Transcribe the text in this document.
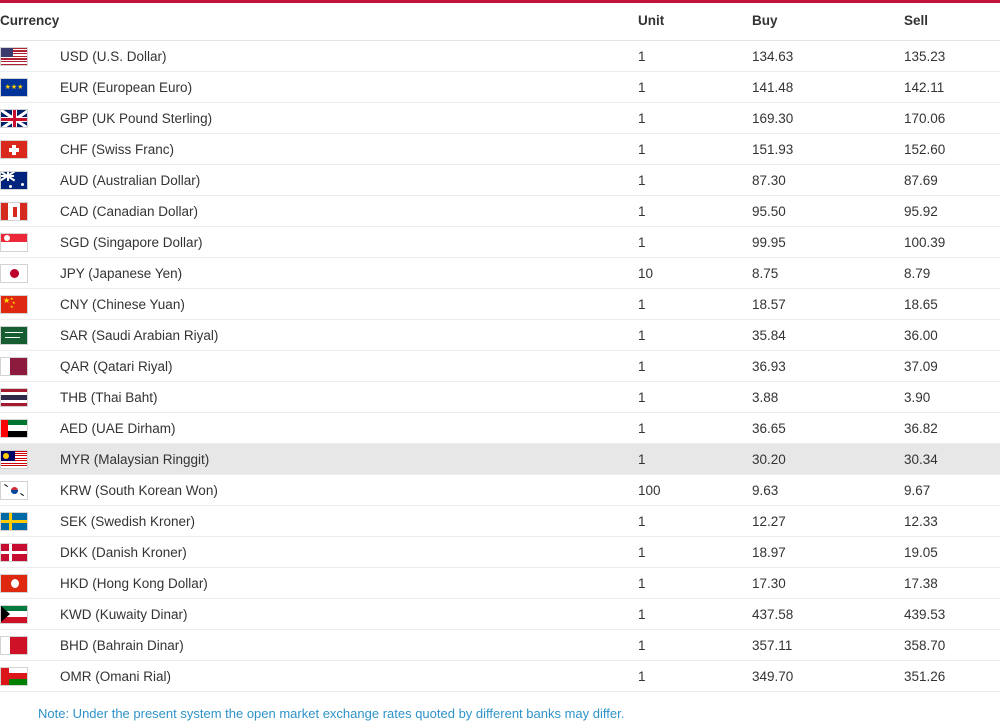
Currency		Unit	Buy	Sell

	USD (U.S. Dollar)	1	134.63	135.23

★★★	EUR (European Euro)	1	141.48	142.11

	GBP (UK Pound Sterling)	1	169.30	170.06

	CHF (Swiss Franc)	1	151.93	152.60

	AUD (Australian Dollar)	1	87.30	87.69

	CAD (Canadian Dollar)	1	95.50	95.92

	SGD (Singapore Dollar)	1	99.95	100.39

	JPY (Japanese Yen)	10	8.75	8.79

★ ★
★
★	CNY (Chinese Yuan)	1	18.57	18.65

	SAR (Saudi Arabian Riyal)	1	35.84	36.00

	QAR (Qatari Riyal)	1	36.93	37.09

	THB (Thai Baht)	1	3.88	3.90

	AED (UAE Dirham)	1	36.65	36.82

	MYR (Malaysian Ringgit)	1	30.20	30.34

	KRW (South Korean Won)	100	9.63	9.67

	SEK (Swedish Kroner)	1	12.27	12.33

	DKK (Danish Kroner)	1	18.97	19.05

	HKD (Hong Kong Dollar)	1	17.30	17.38

	KWD (Kuwaity Dinar)	1	437.58	439.53

	BHD (Bahrain Dinar)	1	357.11	358.70

	OMR (Omani Rial)	1	349.70	351.26
Note: Under the present system the open market exchange rates quoted by different banks may differ.
